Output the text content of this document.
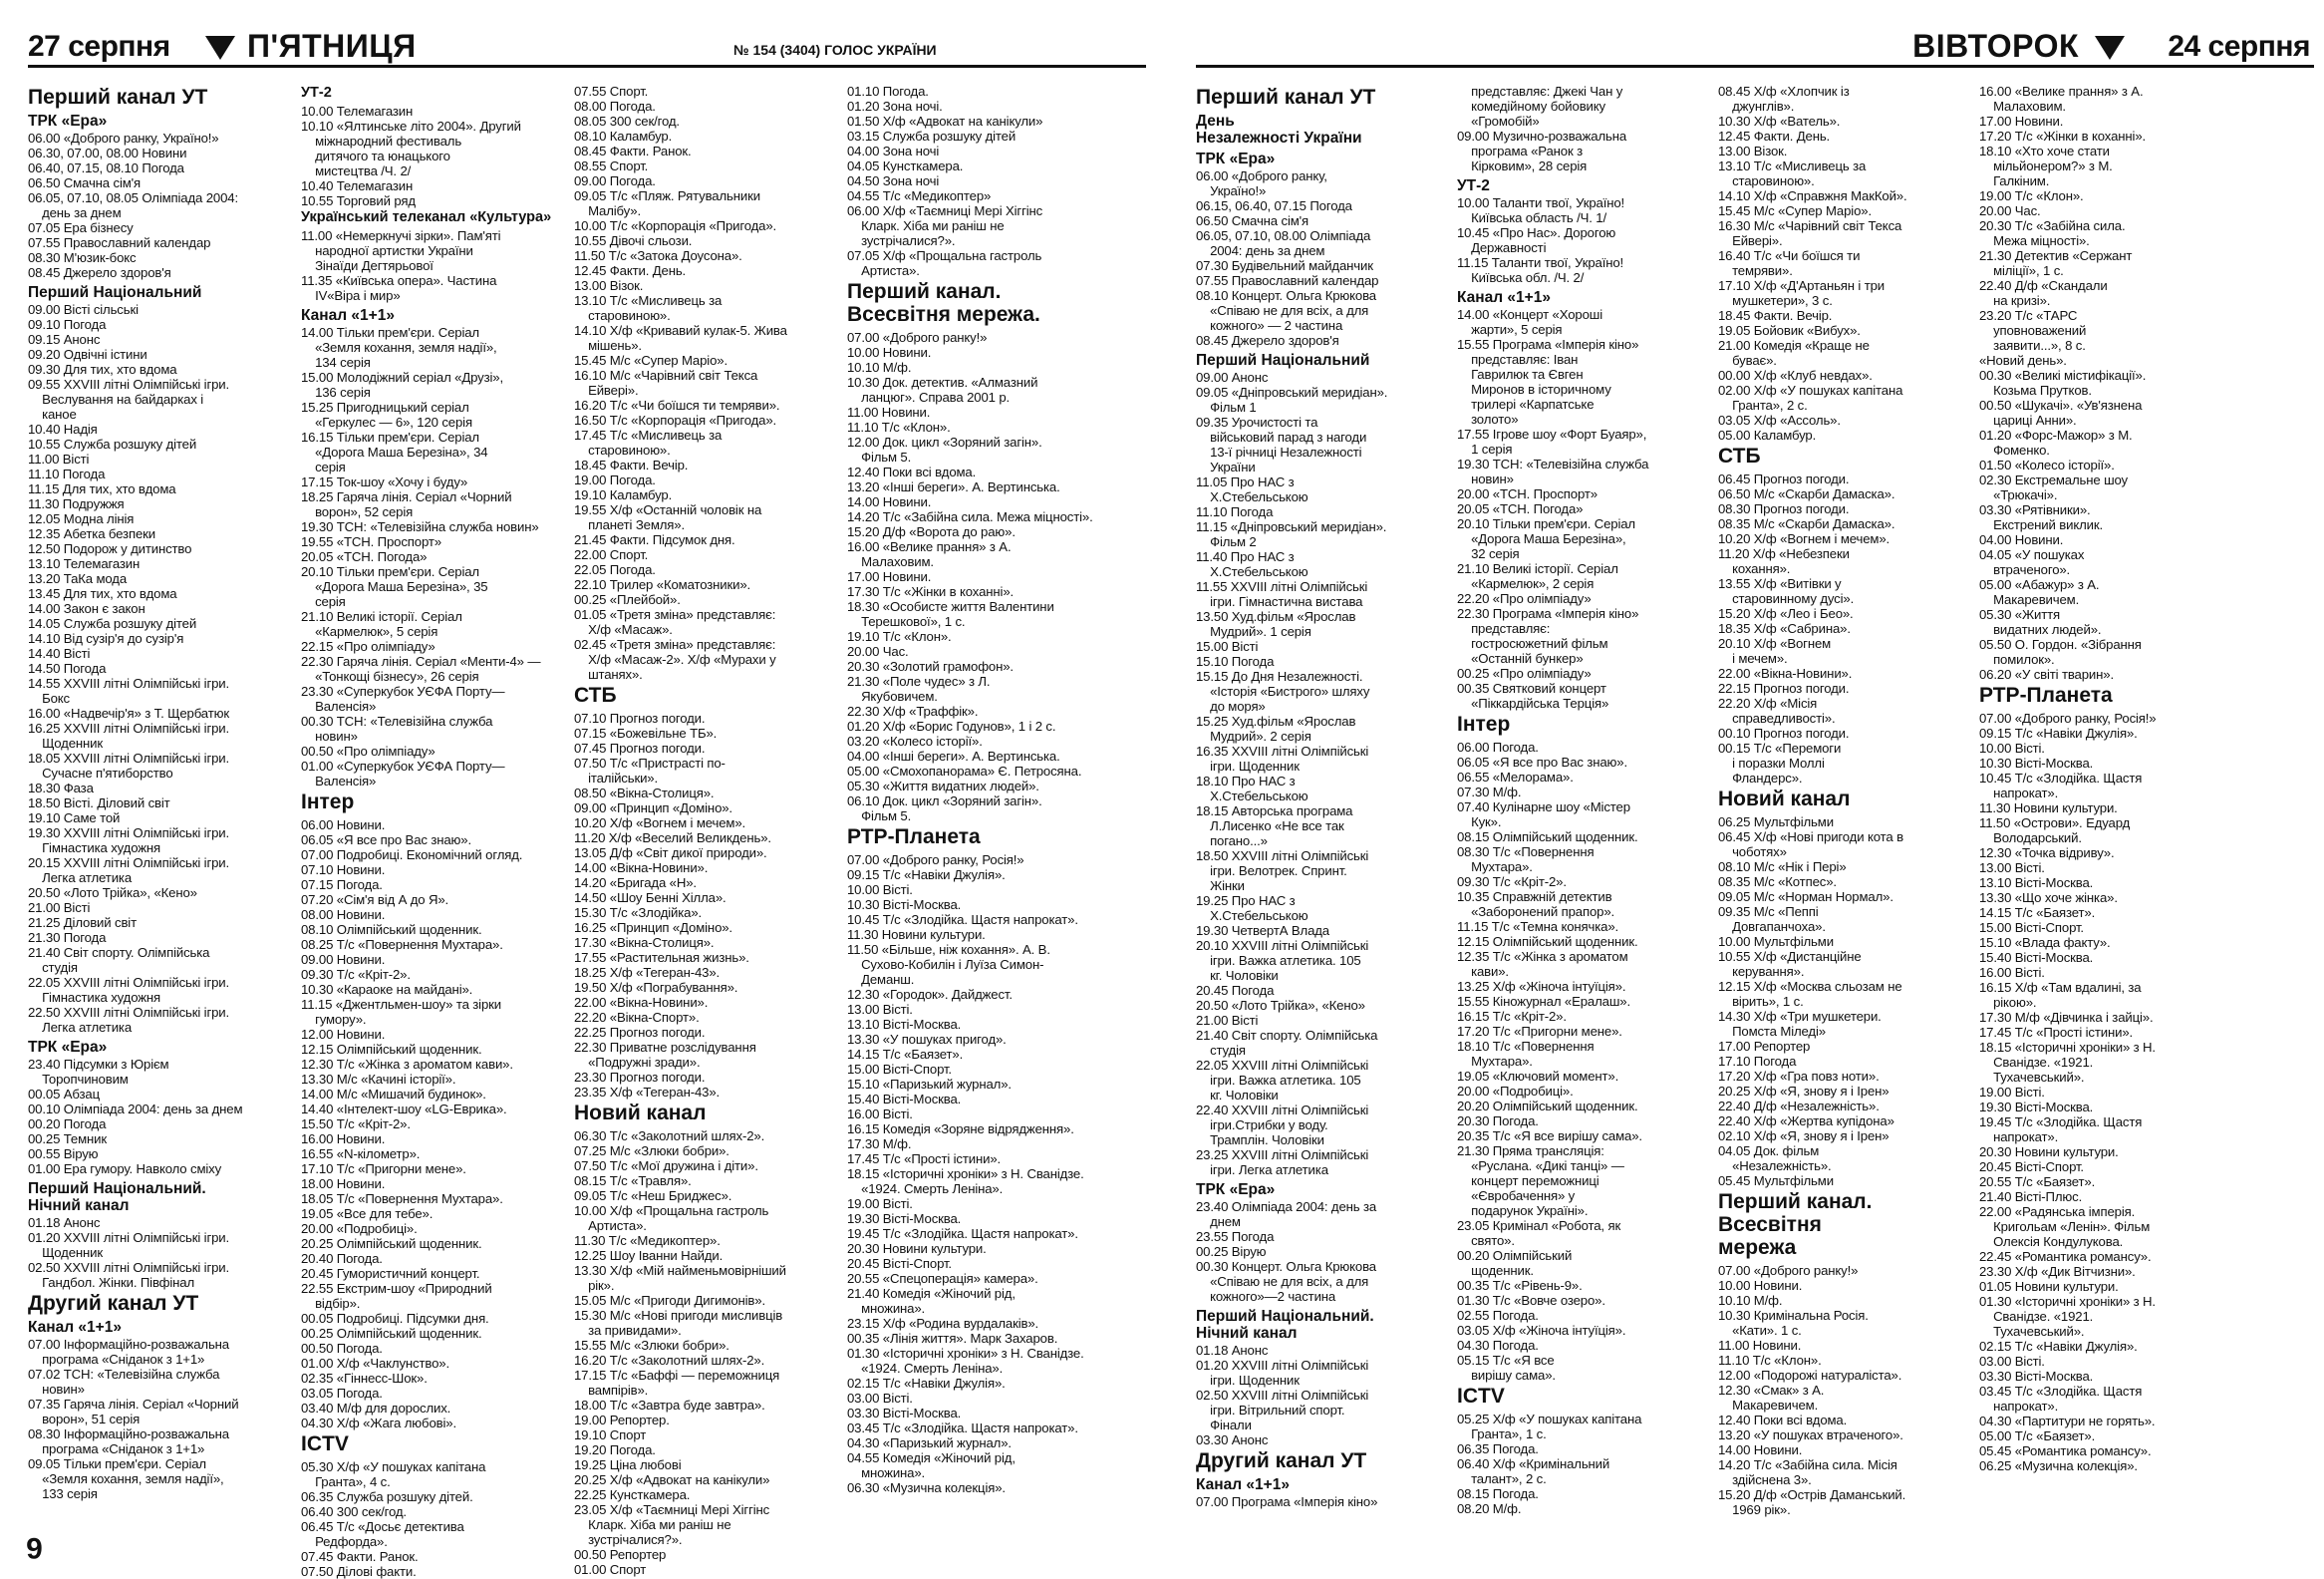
27 серпня П'ЯТНИЦЯ	№ 154 (3404) ГОЛОС УКРАЇНИ
Перший канал УТ
ТРК «Ера»
06.00 «Доброго ранку, Україно!»
06.30, 07.00, 08.00 Новини
06.40, 07.15, 08.10 Погода
06.50 Смачна сім'я
06.05, 07.10, 08.05 Олімпіада 2004:
день за днем
07.05 Ера бізнесу
07.55 Православний календар
08.30 М'юзик-бокс
08.45 Джерело здоров'я
Перший Національний
09.00 Вісті сільські
09.10 Погода
09.15 Анонс
09.20 Одвічні істини
09.30 Для тих, хто вдома
09.55 XXVIII літні Олімпійські ігри.
Веслування на байдарках і
каное
10.40 Надія
10.55 Служба розшуку дітей
11.00 Вісті
11.10 Погода
11.15 Для тих, хто вдома
11.30 Подружжя
12.05 Модна лінія
12.35 Абетка безпеки
12.50 Подорож у дитинство
13.10 Телемагазин
13.20 ТаКа мода
13.45 Для тих, хто вдома
14.00 Закон є закон
14.05 Служба розшуку дітей
14.10 Від сузір'я до сузір'я
14.40 Вісті
14.50 Погода
14.55 XXVIII літні Олімпійські ігри.
Бокс
16.00 «Надвечір'я» з Т. Щербатюк
16.25 XXVIII літні Олімпійські ігри.
Щоденник
18.05 XXVIII літні Олімпійські ігри.
Сучасне п'ятиборство
18.30 Фаза
18.50 Вісті. Діловий світ
19.10 Саме той
19.30 XXVIII літні Олімпійські ігри.
Гімнастика художня
20.15 XXVIII літні Олімпійські ігри.
Легка атлетика
20.50 «Лото Трійка», «Кено»
21.00 Вісті
21.25 Діловий світ
21.30 Погода
21.40 Світ спорту. Олімпійська
студія
22.05 XXVIII літні Олімпійські ігри.
Гімнастика художня
22.50 XXVIII літні Олімпійські ігри.
Легка атлетика
ТРК «Ера»
23.40 Підсумки з Юрієм
Торопчиновим
00.05 Абзац
00.10 Олімпіада 2004: день за днем
00.20 Погода
00.25 Темник
00.55 Вірую
01.00 Ера гумору. Навколо сміху
Перший Національний.
Нічний канал
01.18 Анонс
01.20 XXVIII літні Олімпійські ігри.
Щоденник
02.50 XXVIII літні Олімпійські ігри.
Гандбол. Жінки. Півфінал
Другий канал УТ
Канал «1+1»
07.00 Інформаційно-розважальна
програма «Сніданок з 1+1»
07.02 ТСН: «Телевізійна служба
новин»
07.35 Гаряча лінія. Серіал «Чорний
ворон», 51 серія
08.30 Інформаційно-розважальна
програма «Сніданок з 1+1»
09.05 Тільки прем'єри. Серіал
«Земля кохання, земля надії»,
133 серія
УТ-2
10.00 Телемагазин
10.10 «Ялтинське літо 2004». Другий
міжнародний фестиваль
дитячого та юнацького
мистецтва /Ч. 2/
10.40 Телемагазин
10.55 Торговий ряд
Український телеканал «Культура»
11.00 «Немеркнучі зірки». Пам'яті
народної артистки України
Зінаїди Дегтярьової
11.35 «Київська опера». Частина
IV«Віра і мир»
Канал «1+1»
14.00 Тільки прем'єри. Серіал
«Земля кохання, земля надії»,
134 серія
15.00 Молодіжний серіал «Друзі»,
136 серія
15.25 Пригодницький серіал
«Геркулес — 6», 120 серія
16.15 Тільки прем'єри. Серіал
«Дорога Маша Березіна», 34
серія
17.15 Ток-шоу «Хочу і буду»
18.25 Гаряча лінія. Серіал «Чорний
ворон», 52 серія
19.30 ТСН: «Телевізійна служба новин»
19.55 «ТСН. Проспорт»
20.05 «ТСН. Погода»
20.10 Тільки прем'єри. Серіал
«Дорога Маша Березіна», 35
серія
21.10 Великі історії. Серіал
«Кармелюк», 5 серія
22.15 «Про олімпіаду»
22.30 Гаряча лінія. Серіал «Менти-4» —
«Тонкощі бізнесу», 26 серія
23.30 «Суперкубок УЄФА Порту—
Валенсія»
00.30 ТСН: «Телевізійна служба
новин»
00.50 «Про олімпіаду»
01.00 «Суперкубок УЄФА Порту—
Валенсія»
Інтер
06.00 Новини.
06.05 «Я все про Вас знаю».
07.00 Подробиці. Економічний огляд.
07.10 Новини.
07.15 Погода.
07.20 «Сім'я від А до Я».
08.00 Новини.
08.10 Олімпійський щоденник.
08.25 Т/с «Повернення Мухтара».
09.00 Новини.
09.30 Т/с «Кріт-2».
10.30 «Караоке на майдані».
11.15 «Джентльмен-шоу» та зірки
гумору».
12.00 Новини.
12.15 Олімпійський щоденник.
12.30 Т/с «Жінка з ароматом кави».
13.30 М/с «Качині історії».
14.00 М/с «Мишачий будинок».
14.40 «Інтелект-шоу «LG-Еврика».
15.50 Т/с «Кріт-2».
16.00 Новини.
16.55 «N-кілометр».
17.10 Т/с «Пригорни мене».
18.00 Новини.
18.05 Т/с «Повернення Мухтара».
19.05 «Все для тебе».
20.00 «Подробиці».
20.25 Олімпійський щоденник.
20.40 Погода.
20.45 Гумористичний концерт.
22.55 Екстрим-шоу «Природний
відбір».
00.05 Подробиці. Підсумки дня.
00.25 Олімпійський щоденник.
00.50 Погода.
01.00 Х/ф «Чаклунство».
02.35 «Гіннесс-Шок».
03.05 Погода.
03.40 М/ф для дорослих.
04.30 Х/ф «Жага любові».
ICTV
05.30 Х/ф «У пошуках капітана
Гранта», 4 с.
06.35 Служба розшуку дітей.
06.40 300 сек/год.
06.45 Т/с «Досьє детектива
Редфорда».
07.45 Факти. Ранок.
07.50 Ділові факти.
07.55 Спорт.
08.00 Погода.
08.05 300 сек/год.
08.10 Каламбур.
08.45 Факти. Ранок.
08.55 Спорт.
09.00 Погода.
09.05 Т/с «Пляж. Рятувальники
Малібу».
10.00 Т/с «Корпорація «Пригода».
10.55 Дівочі сльози.
11.50 Т/с «Затока Доусона».
12.45 Факти. День.
13.00 Візок.
13.10 Т/с «Мисливець за
старовиною».
14.10 Х/ф «Кривавий кулак-5. Жива
мішень».
15.45 М/с «Супер Маріо».
16.10 М/с «Чарівний світ Текса
Ейвері».
16.20 Т/с «Чи боїшся ти темряви».
16.50 Т/с «Корпорація «Пригода».
17.45 Т/с «Мисливець за
старовиною».
18.45 Факти. Вечір.
19.00 Погода.
19.10 Каламбур.
19.55 Х/ф «Останній чоловік на
планеті Земля».
21.45 Факти. Підсумок дня.
22.00 Спорт.
22.05 Погода.
22.10 Трилер «Коматозники».
00.25 «Плейбой».
01.05 «Третя зміна» представляє:
Х/ф «Масаж».
02.45 «Третя зміна» представляє:
Х/ф «Масаж-2». Х/ф «Мурахи у
штанях».
СТБ
07.10 Прогноз погоди.
07.15 «Божевільне ТБ».
07.45 Прогноз погоди.
07.50 Т/с «Пристрасті по-
італійськи».
08.50 «Вікна-Столиця».
09.00 «Принцип «Доміно».
10.20 Х/ф «Вогнем і мечем».
11.20 Х/ф «Веселий Великдень».
13.05 Д/ф «Світ дикої природи».
14.00 «Вікна-Новини».
14.20 «Бригада «Н».
14.50 «Шоу Бенні Хілла».
15.30 Т/с «Злодійка».
16.25 «Принцип «Доміно».
17.30 «Вікна-Столиця».
17.55 «Растительная жизнь».
18.25 Х/ф «Тегеран-43».
19.50 Х/ф «Пограбування».
22.00 «Вікна-Новини».
22.20 «Вікна-Спорт».
22.25 Прогноз погоди.
22.30 Приватне розслідування
«Подружні зради».
23.30 Прогноз погоди.
23.35 Х/ф «Тегеран-43».
Новий канал
06.30 Т/с «Заколотний шлях-2».
07.25 М/с «Злюки бобри».
07.50 Т/с «Мої дружина і діти».
08.15 Т/с «Травля».
09.05 Т/с «Неш Бриджес».
10.00 Х/ф «Прощальна гастроль
Артиста».
11.30 Т/с «Медикоптер».
12.25 Шоу Іванни Найди.
13.30 Х/ф «Мій найменьмовірніший
рік».
15.05 М/с «Пригоди Дигимонів».
15.30 М/с «Нові пригоди мисливців
за привидами».
15.55 М/с «Злюки бобри».
16.20 Т/с «Заколотний шлях-2».
17.15 Т/с «Баффі — переможниця
вампірів».
18.00 Т/с «Завтра буде завтра».
19.00 Репортер.
19.10 Спорт
19.20 Погода.
19.25 Ціна любові
20.25 Х/ф «Адвокат на канікули»
22.25 Кунсткамера.
23.05 Х/ф «Таємниці Мері Хіггінс
Кларк. Хіба ми раніш не
зустрічалися?».
00.50 Репортер
01.00 Спорт
01.10 Погода.
01.20 Зона ночі.
01.50 Х/ф «Адвокат на канікули»
03.15 Служба розшуку дітей
04.00 Зона ночі
04.05 Кунсткамера.
04.50 Зона ночі
04.55 Т/с «Медикоптер»
06.00 Х/ф «Таємниці Мері Хіггінс
Кларк. Хіба ми раніш не
зустрічалися?».
07.05 Х/ф «Прощальна гастроль
Артиста».
Перший канал.
Всесвітня мережа.
07.00 «Доброго ранку!»
10.00 Новини.
10.10 М/ф.
10.30 Док. детектив. «Алмазний
ланцюг». Справа 2001 р.
11.00 Новини.
11.10 Т/с «Клон».
12.00 Док. цикл «Зоряний загін».
Фільм 5.
12.40 Поки всі вдома.
13.20 «Інші береги». А. Вертинська.
14.00 Новини.
14.20 Т/с «Забійна сила. Межа міцності».
15.20 Д/ф «Ворота до раю».
16.00 «Велике прання» з А.
Малаховим.
17.00 Новини.
17.30 Т/с «Жінки в коханні».
18.30 «Особисте життя Валентини
Терешкової», 1 с.
19.10 Т/с «Клон».
20.00 Час.
20.30 «Золотий грамофон».
21.30 «Поле чудес» з Л.
Якубовичем.
22.30 Х/ф «Траффік».
01.20 Х/ф «Борис Годунов», 1 і 2 с.
03.20 «Колесо історії».
04.00 «Інші береги». А. Вертинська.
05.00 «Смохопанорама» Є. Петросяна.
05.30 «Життя видатних людей».
06.10 Док. цикл «Зоряний загін».
Фільм 5.
РТР-Планета
07.00 «Доброго ранку, Росія!»
09.15 Т/с «Навіки Джулія».
10.00 Вісті.
10.30 Вісті-Москва.
10.45 Т/с «Злодійка. Щастя напрокат».
11.30 Новини культури.
11.50 «Більше, ніж кохання». А. В.
Сухово-Кобилін і Луїза Симон-
Деманш.
12.30 «Городок». Дайджест.
13.00 Вісті.
13.10 Вісті-Москва.
13.30 «У пошуках пригод».
14.15 Т/с «Баязет».
15.00 Вісті-Спорт.
15.10 «Паризький журнал».
15.40 Вісті-Москва.
16.00 Вісті.
16.15 Комедія «Зоряне відрядження».
17.30 М/ф.
17.45 Т/с «Прості істини».
18.15 «Історичні хроніки» з Н. Сванідзе.
«1924. Смерть Леніна».
19.00 Вісті.
19.30 Вісті-Москва.
19.45 Т/с «Злодійка. Щастя напрокат».
20.30 Новини культури.
20.45 Вісті-Спорт.
20.55 «Спецоперація» камера».
21.40 Комедія «Жіночий рід,
множина».
23.15 Х/ф «Родина вурдалаків».
00.35 «Лінія життя». Марк Захаров.
01.30 «Історичні хроніки» з Н. Сванідзе.
«1924. Смерть Леніна».
02.15 Т/с «Навіки Джулія».
03.00 Вісті.
03.30 Вісті-Москва.
03.45 Т/с «Злодійка. Щастя напрокат».
04.30 «Паризький журнал».
04.55 Комедія «Жіночий рід,
множина».
06.30 «Музична колекція».
6
ВІВТОРОК	24 серпня
Перший канал УТ
День
Незалежності України
ТРК «Ера»
06.00 «Доброго ранку,
Україно!»
06.15, 06.40, 07.15 Погода
06.50 Смачна сім'я
06.05, 07.10, 08.00 Олімпіада
2004: день за днем
07.30 Будівельний майданчик
07.55 Православний календар
08.10 Концерт. Ольга Крюкова
«Співаю не для всіх, а для
кожного» — 2 частина
08.45 Джерело здоров'я
Перший Національний
09.00 Анонс
09.05 «Дніпровський меридіан».
Фільм 1
09.35 Урочистості та
військовий парад з нагоди
13-ї річниці Незалежності
України
11.05 Про НАС з
Х.Стебельською
11.10 Погода
11.15 «Дніпровський меридіан».
Фільм 2
11.40 Про НАС з
Х.Стебельською
11.55 XXVIII літні Олімпійські
ігри. Гімнастична вистава
13.50 Худ.фільм «Ярослав
Мудрий». 1 серія
15.00 Вісті
15.10 Погода
15.15 До Дня Незалежності.
«Історія «Бистрого» шляху
до моря»
15.25 Худ.фільм «Ярослав
Мудрий». 2 серія
16.35 XXVIII літні Олімпійські
ігри. Щоденник
18.10 Про НАС з
Х.Стебельською
18.15 Авторська програма
Л.Лисенко «Не все так
погано...»
18.50 XXVIII літні Олімпійські
ігри. Велотрек. Спринт.
Жінки
19.25 Про НАС з
Х.Стебельською
19.30 ЧетвертА Влада
20.10 XXVIII літні Олімпійські
ігри. Важка атлетика. 105
кг. Чоловіки
20.45 Погода
20.50 «Лото Трійка», «Кено»
21.00 Вісті
21.40 Світ спорту. Олімпійська
студія
22.05 XXVIII літні Олімпійські
ігри. Важка атлетика. 105
кг. Чоловіки
22.40 XXVIII літні Олімпійські
ігри.Стрибки у воду.
Трамплін. Чоловіки
23.25 XXVIII літні Олімпійські
ігри. Легка атлетика
ТРК «Ера»
23.40 Олімпіада 2004: день за
днем
23.55 Погода
00.25 Вірую
00.30 Концерт. Ольга Крюкова
«Співаю не для всіх, а для
кожного»—2 частина
Перший Національний.
Нічний канал
01.18 Анонс
01.20 XXVIII літні Олімпійські
ігри. Щоденник
02.50 XXVIII літні Олімпійські
ігри. Вітрильний спорт.
Фінали
03.30 Анонс
Другий канал УТ
Канал «1+1»
07.00 Програма «Імперія кіно»
представляє: Джекі Чан у
комедійному бойовику
«Громобій»
09.00 Музично-розважальна
програма «Ранок з
Кірковим», 28 серія
УТ-2
10.00 Таланти твої, Україно!
Київська область /Ч. 1/
10.45 «Про Нас». Дорогою
Державності
11.15 Таланти твої, Україно!
Київська обл. /Ч. 2/
Канал «1+1»
14.00 «Концерт «Хороші
жарти», 5 серія
15.55 Програма «Імперія кіно»
представляє: Іван
Гаврилюк та Євген
Миронов в історичному
трилері «Карпатське
золото»
17.55 Ігрове шоу «Форт Буаяр»,
1 серія
19.30 ТСН: «Телевізійна служба
новин»
20.00 «ТСН. Проспорт»
20.05 «ТСН. Погода»
20.10 Тільки прем'єри. Серіал
«Дорога Маша Березіна»,
32 серія
21.10 Великі історії. Серіал
«Кармелюк», 2 серія
22.20 «Про олімпіаду»
22.30 Програма «Імперія кіно»
представляє:
гостросюжетний фільм
«Останній бункер»
00.25 «Про олімпіаду»
00.35 Святковий концерт
«Піккардійська Терція»
Інтер
06.00 Погода.
06.05 «Я все про Вас знаю».
06.55 «Мелорама».
07.30 М/ф.
07.40 Кулінарне шоу «Містер
Кук».
08.15 Олімпійський щоденник.
08.30 Т/с «Повернення
Мухтара».
09.30 Т/с «Кріт-2».
10.35 Справжній детектив
«Заборонений прапор».
11.15 Т/с «Темна конячка».
12.15 Олімпійський щоденник.
12.35 Т/с «Жінка з ароматом
кави».
13.25 Х/ф «Жіноча інтуїція».
15.55 Кіножурнал «Ералаш».
16.15 Т/с «Кріт-2».
17.20 Т/с «Пригорни мене».
18.10 Т/с «Повернення
Мухтара».
19.05 «Ключовий момент».
20.00 «Подробиці».
20.20 Олімпійський щоденник.
20.30 Погода.
20.35 Т/с «Я все вирішу сама».
21.30 Пряма трансляція:
«Руслана. «Дикі танці» —
концерт переможниці
«Євробачення» у
подарунок Україні».
23.05 Кримінал «Робота, як
свято».
00.20 Олімпійський
щоденник.
00.35 Т/с «Рівень-9».
01.30 Т/с «Вовче озеро».
02.55 Погода.
03.05 Х/ф «Жіноча інтуїція».
04.30 Погода.
05.15 Т/с «Я все
вирішу сама».
ICTV
05.25 Х/ф «У пошуках капітана
Гранта», 1 с.
06.35 Погода.
06.40 Х/ф «Кримінальний
талант», 2 с.
08.15 Погода.
08.20 М/ф.
08.45 Х/ф «Хлопчик із
джунглів».
10.30 Х/ф «Ватель».
12.45 Факти. День.
13.00 Візок.
13.10 Т/с «Мисливець за
старовиною».
14.10 Х/ф «Справжня МакКой».
15.45 М/с «Супер Маріо».
16.30 М/с «Чарівний світ Текса
Ейвері».
16.40 Т/с «Чи боїшся ти
темряви».
17.10 Х/ф «Д'Артаньян і три
мушкетери», 3 с.
18.45 Факти. Вечір.
19.05 Бойовик «Вибух».
21.00 Комедія «Краще не
буває».
00.00 Х/ф «Клуб невдах».
02.00 Х/ф «У пошуках капітана
Гранта», 2 с.
03.05 Х/ф «Ассоль».
05.00 Каламбур.
СТБ
06.45 Прогноз погоди.
06.50 М/с «Скарби Дамаска».
08.30 Прогноз погоди.
08.35 М/с «Скарби Дамаска».
10.20 Х/ф «Вогнем і мечем».
11.20 Х/ф «Небезпеки
кохання».
13.55 Х/ф «Витівки у
старовинному дусі».
15.20 Х/ф «Лео і Бео».
18.35 Х/ф «Сабрина».
20.10 Х/ф «Вогнем
і мечем».
22.00 «Вікна-Новини».
22.15 Прогноз погоди.
22.20 Х/ф «Місія
справедливості».
00.10 Прогноз погоди.
00.15 Т/с «Перемоги
і поразки Моллі
Фландерс».
Новий канал
06.25 Мультфільми
06.45 Х/ф «Нові пригоди кота в
чоботях»
08.10 М/с «Нік і Пері»
08.35 М/с «Котпес».
09.05 М/с «Норман Нормал».
09.35 М/с «Пеппі
Довгапанчоха».
10.00 Мультфільми
10.55 Х/ф «Дистанційне
керування».
12.15 Х/ф «Москва сльозам не
вірить», 1 с.
14.30 Х/ф «Три мушкетери.
Помста Міледі»
17.00 Репортер
17.10 Погода
17.20 Х/ф «Гра повз ноти».
20.25 Х/ф «Я, знову я і Ірен»
22.40 Д/ф «Незалежність».
22.40 Х/ф «Жертва купідона»
02.10 Х/ф «Я, знову я і Ірен»
04.05 Док. фільм
«Незалежність».
05.45 Мультфільми
Перший канал. Всесвітня
мережа
07.00 «Доброго ранку!»
10.00 Новини.
10.10 М/ф.
10.30 Кримінальна Росія.
«Кати». 1 с.
11.00 Новини.
11.10 Т/с «Клон».
12.00 «Подорожі натураліста».
12.30 «Смак» з А.
Макаревичем.
12.40 Поки всі вдома.
13.20 «У пошуках втраченого».
14.00 Новини.
14.20 Т/с «Забійна сила. Місія
здійснена 3».
15.20 Д/ф «Острів Даманський.
1969 рік».
16.00 «Велике прання» з А.
Малаховим.
17.00 Новини.
17.20 Т/с «Жінки в коханні».
18.10 «Хто хоче стати
мільйонером?» з М.
Галкіним.
19.00 Т/с «Клон».
20.00 Час.
20.30 Т/с «Забійна сила.
Межа міцності».
21.30 Детектив «Сержант
міліції», 1 с.
22.40 Д/ф «Скандали
на кризі».
23.20 Т/с «ТАРС
уповноважений
заявити...», 8 с.
«Новий день».
00.30 «Великі містифікації».
Козьма Прутков.
00.50 «Шукачі». «Ув'язнена
цариці Анни».
01.20 «Форс-Мажор» з М.
Фоменко.
01.50 «Колесо історії».
02.30 Екстремальне шоу
«Трюкачі».
03.30 «Рятівники».
Екстрений виклик.
04.00 Новини.
04.05 «У пошуках
втраченого».
05.00 «Абажур» з А.
Макаревичем.
05.30 «Життя
видатних людей».
05.50 О. Гордон. «Зібрання
помилок».
06.20 «У світі тварин».
РТР-Планета
07.00 «Доброго ранку, Росія!»
09.15 Т/с «Навіки Джулія».
10.00 Вісті.
10.30 Вісті-Москва.
10.45 Т/с «Злодійка. Щастя
напрокат».
11.30 Новини культури.
11.50 «Острови». Едуард
Володарський.
12.30 «Точка відриву».
13.00 Вісті.
13.10 Вісті-Москва.
13.30 «Що хоче жінка».
14.15 Т/с «Баязет».
15.00 Вісті-Спорт.
15.10 «Влада факту».
15.40 Вісті-Москва.
16.00 Вісті.
16.15 Х/ф «Там вдалині, за
рікою».
17.30 М/ф «Дівчинка і зайці».
17.45 Т/с «Прості істини».
18.15 «Історичні хроніки» з Н.
Сванідзе. «1921.
Тухачевський».
19.00 Вісті.
19.30 Вісті-Москва.
19.45 Т/с «Злодійка. Щастя
напрокат».
20.30 Новини культури.
20.45 Вісті-Спорт.
20.55 Т/с «Баязет».
21.40 Вісті-Плюс.
22.00 «Радянська імперія.
Кригольам «Ленін». Фільм
Олексія Кондулукова.
22.45 «Романтика романсу».
23.30 Х/ф «Дик Вітчизни».
01.05 Новини культури.
01.30 «Історичні хроніки» з Н.
Сванідзе. «1921.
Тухачевський».
02.15 Т/с «Навіки Джулія».
03.00 Вісті.
03.30 Вісті-Москва.
03.45 Т/с «Злодійка. Щастя
напрокат».
04.30 «Партитури не горять».
05.00 Т/с «Баязет».
05.45 «Романтика романсу».
06.25 «Музична колекція».
